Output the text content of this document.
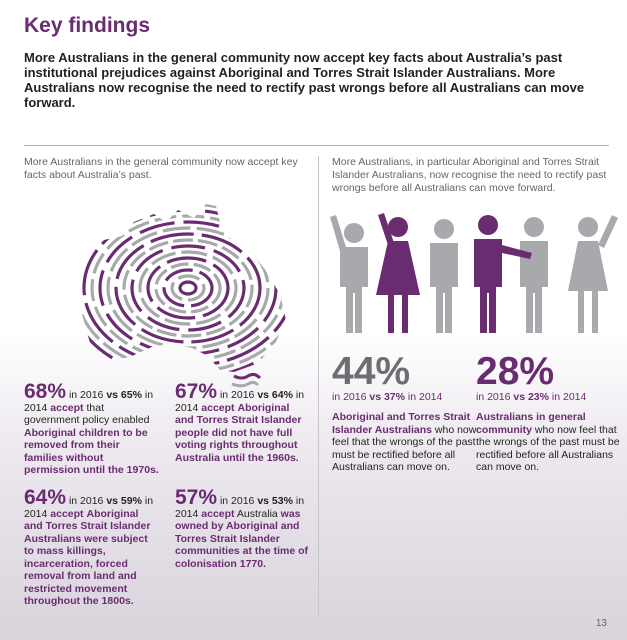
Key findings

More Australians in the general community now accept key facts about Australia’s past institutional prejudices against Aboriginal and Torres Strait Islander Australians. More Australians now recognise the need to rectify past wrongs before all Australians can move forward.

More Australians in the general community now accept key facts about Australia’s past.

More Australians, in particular Aboriginal and Torres Strait Islander Australians, now recognise the need to rectify past wrongs before all Australians can move forward.

68% in 2016 vs 65% in 2014 accept that government policy enabled Aboriginal children to be removed from their families without permission until the 1970s.

67% in 2016 vs 64% in 2014 accept Aboriginal and Torres Strait Islander people did not have full voting rights throughout Australia until the 1960s.

64% in 2016 vs 59% in 2014 accept Aboriginal and Torres Strait Islander Australians were subject to mass killings, incarceration, forced removal from land and restricted movement throughout the 1800s.

57% in 2016 vs 53% in 2014 accept Australia was owned by Aboriginal and Torres Strait Islander communities at the time of colonisation 1770.

44%
in 2016 vs 37% in 2014

Aboriginal and Torres Strait Islander Australians who now feel that the wrongs of the past must be rectified before all Australians can move on.

28%
in 2016 vs 23% in 2014

Australians in general community who now feel that the wrongs of the past must be rectified before all Australians can move on.

13
